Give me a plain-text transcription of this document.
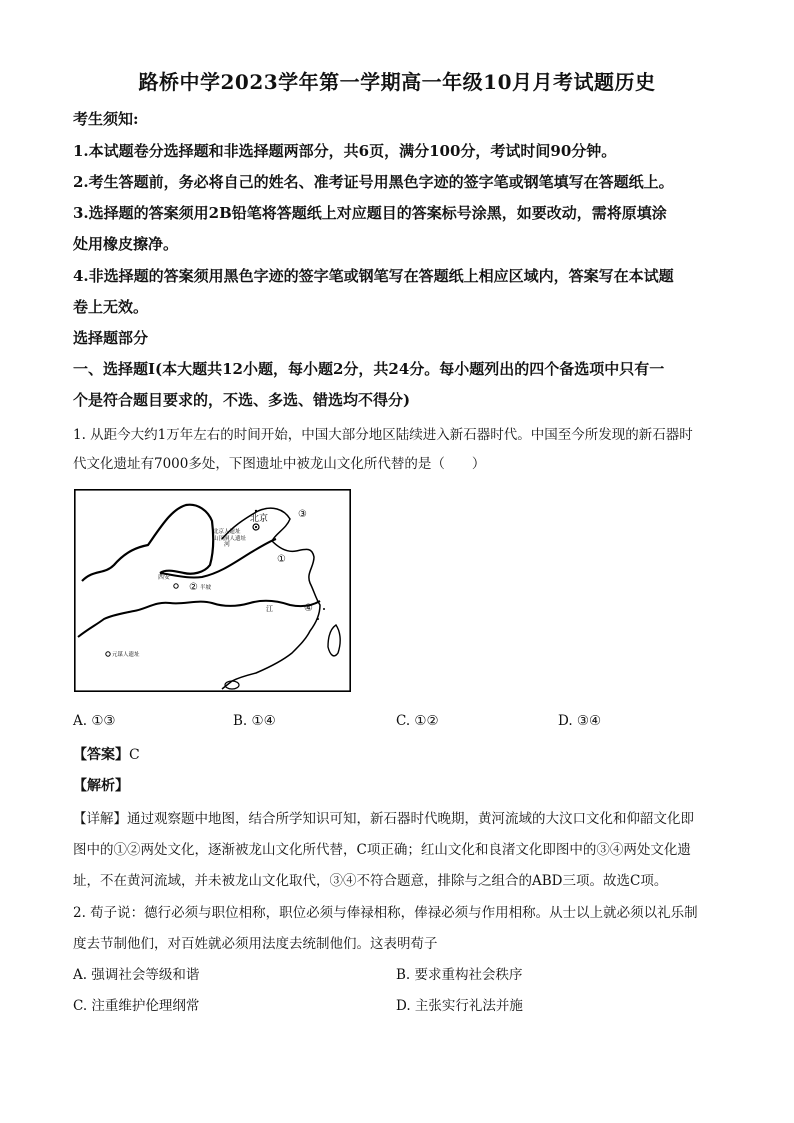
路桥中学2023学年第一学期高一年级10月月考试题历史
考生须知:
1.本试题卷分选择题和非选择题两部分，共6页，满分100分，考试时间90分钟。
2.考生答题前，务必将自己的姓名、准考证号用黑色字迹的签字笔或钢笔填写在答题纸上。
3.选择题的答案须用2B铅笔将答题纸上对应题目的答案标号涂黑，如要改动，需将原填涂
处用橡皮擦净。
4.非选择题的答案须用黑色字迹的签字笔或钢笔写在答题纸上相应区域内，答案写在本试题
卷上无效。
选择题部分
一、选择题Ⅰ(本大题共12小题，每小题2分，共24分。每小题列出的四个备选项中只有一
个是符合题目要求的，不选、多选、错选均不得分)
1. 从距今大约1万年左右的时间开始，中国大部分地区陆续进入新石器时代。中国至今所发现的新石器时
代文化遗址有7000多处，下图遗址中被龙山文化所代替的是（　　）
北京
北京人遗址
山顶洞人遗址
河
③
①
西安
② 半坡
④
江
元谋人遗址
A. ①③	B. ①④	C. ①②	D. ③④
【答案】C
【解析】
【详解】通过观察题中地图，结合所学知识可知，新石器时代晚期，黄河流域的大汶口文化和仰韶文化即
图中的①②两处文化，逐渐被龙山文化所代替，C项正确；红山文化和良渚文化即图中的③④两处文化遗
址，不在黄河流域，并未被龙山文化取代，③④不符合题意，排除与之组合的ABD三项。故选C项。
2. 荀子说：德行必须与职位相称，职位必须与俸禄相称，俸禄必须与作用相称。从士以上就必须以礼乐制
度去节制他们，对百姓就必须用法度去统制他们。这表明荀子
A. 强调社会等级和谐	B. 要求重构社会秩序
C. 注重维护伦理纲常	D. 主张实行礼法并施
